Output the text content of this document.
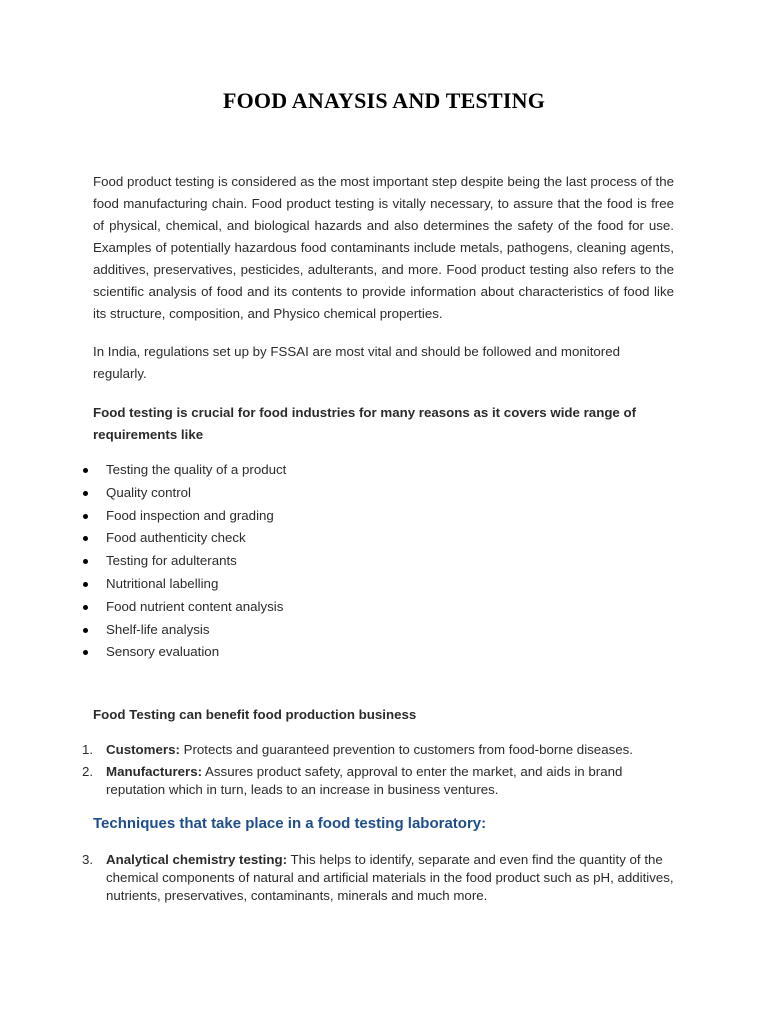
FOOD ANAYSIS AND TESTING

Food product testing is considered as the most important step despite being the last process of the food manufacturing chain. Food product testing is vitally necessary, to assure that the food is free of physical, chemical, and biological hazards and also determines the safety of the food for use. Examples of potentially hazardous food contaminants include metals, pathogens, cleaning agents, additives, preservatives, pesticides, adulterants, and more. Food product testing also refers to the scientific analysis of food and its contents to provide information about characteristics of food like its structure, composition, and Physico chemical properties.

In India, regulations set up by FSSAI are most vital and should be followed and monitored regularly.

Food testing is crucial for food industries for many reasons as it covers wide range of requirements like

Testing the quality of a product
Quality control
Food inspection and grading
Food authenticity check
Testing for adulterants
Nutritional labelling
Food nutrient content analysis
Shelf-life analysis
Sensory evaluation
Food Testing can benefit food production business
1. Customers: Protects and guaranteed prevention to customers from food-borne diseases.
2. Manufacturers: Assures product safety, approval to enter the market, and aids in brand reputation which in turn, leads to an increase in business ventures.
Techniques that take place in a food testing laboratory:
3. Analytical chemistry testing: This helps to identify, separate and even find the quantity of the chemical components of natural and artificial materials in the food product such as pH, additives, nutrients, preservatives, contaminants, minerals and much more.
